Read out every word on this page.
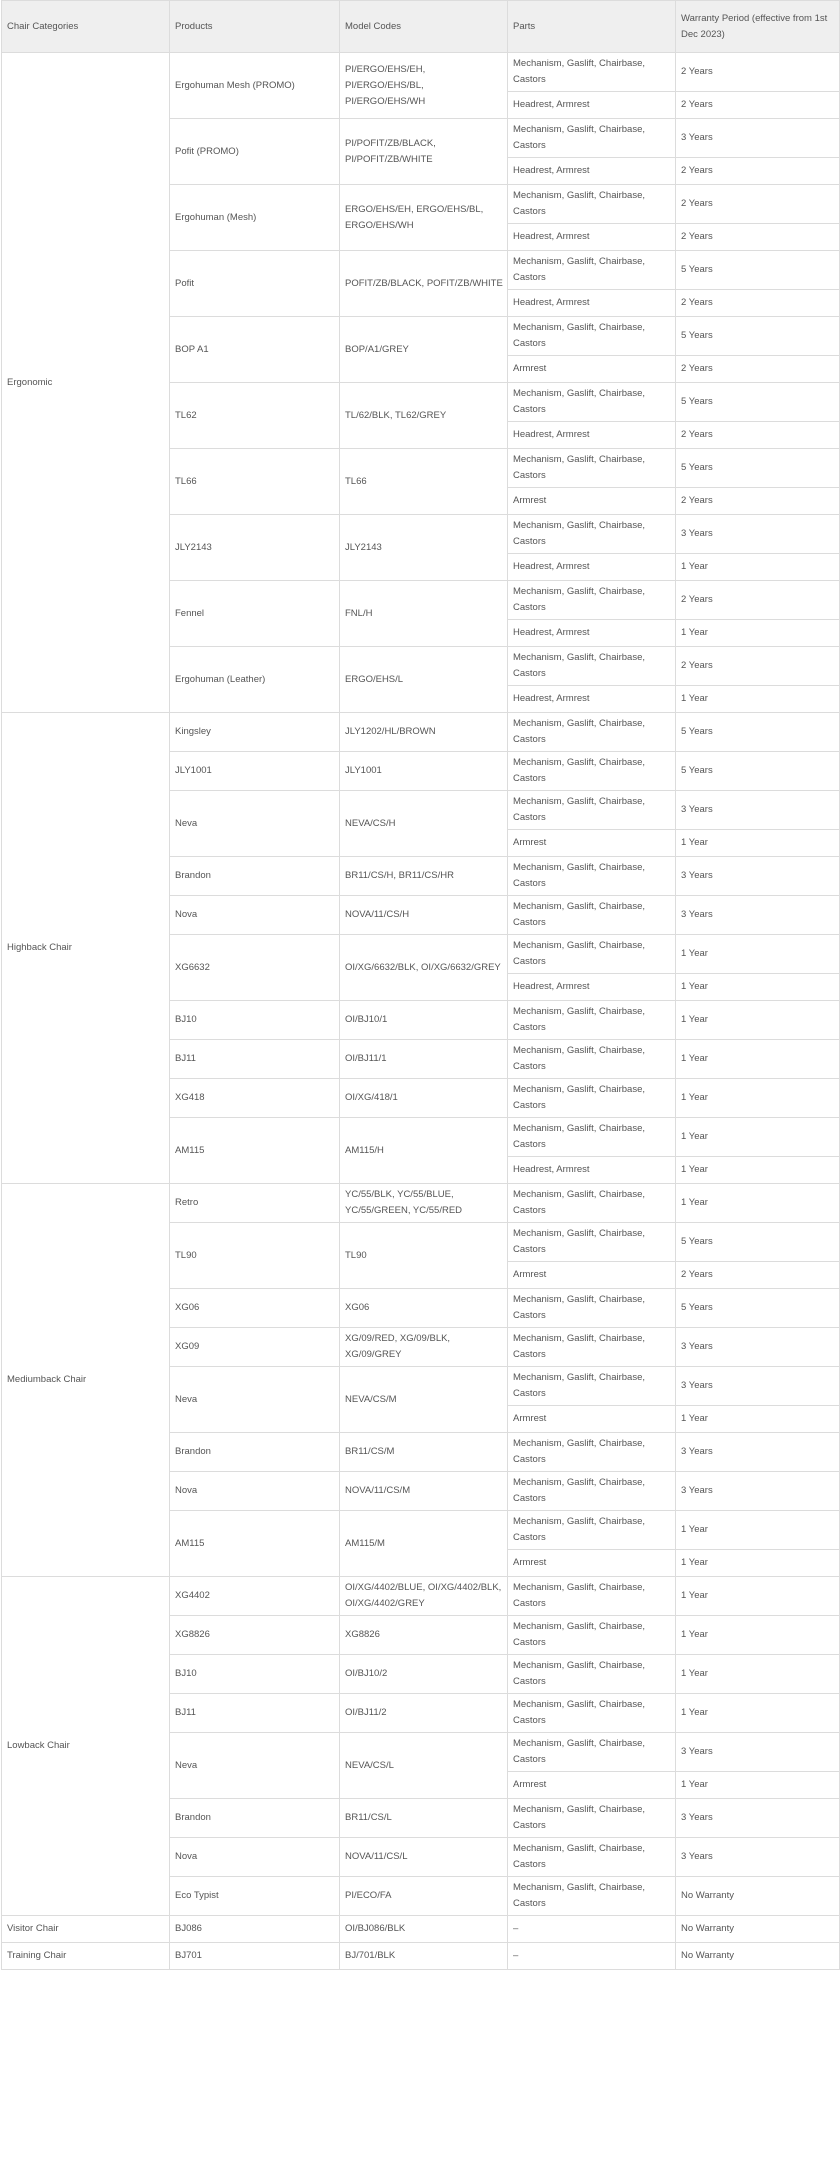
Chair Categories	Products	Model Codes	Parts	Warranty Period (effective from 1st Dec 2023)
Ergonomic	Ergohuman Mesh (PROMO)	PI/ERGO/EHS/EH, PI/ERGO/EHS/BL, PI/ERGO/EHS/WH	Mechanism, Gaslift, Chairbase, Castors	2 Years
			Headrest, Armrest	2 Years
	Pofit (PROMO)	PI/POFIT/ZB/BLACK, PI/POFIT/ZB/WHITE	Mechanism, Gaslift, Chairbase, Castors	3 Years
			Headrest, Armrest	2 Years
	Ergohuman (Mesh)	ERGO/EHS/EH, ERGO/EHS/BL, ERGO/EHS/WH	Mechanism, Gaslift, Chairbase, Castors	2 Years
			Headrest, Armrest	2 Years
	Pofit	POFIT/ZB/BLACK, POFIT/ZB/WHITE	Mechanism, Gaslift, Chairbase, Castors	5 Years
			Headrest, Armrest	2 Years
	BOP A1	BOP/A1/GREY	Mechanism, Gaslift, Chairbase, Castors	5 Years
			Armrest	2 Years
	TL62	TL/62/BLK, TL62/GREY	Mechanism, Gaslift, Chairbase, Castors	5 Years
			Headrest, Armrest	2 Years
	TL66	TL66	Mechanism, Gaslift, Chairbase, Castors	5 Years
			Armrest	2 Years
	JLY2143	JLY2143	Mechanism, Gaslift, Chairbase, Castors	3 Years
			Headrest, Armrest	1 Year
	Fennel	FNL/H	Mechanism, Gaslift, Chairbase, Castors	2 Years
			Headrest, Armrest	1 Year
	Ergohuman (Leather)	ERGO/EHS/L	Mechanism, Gaslift, Chairbase, Castors	2 Years
			Headrest, Armrest	1 Year
Highback Chair	Kingsley	JLY1202/HL/BROWN	Mechanism, Gaslift, Chairbase, Castors	5 Years
	JLY1001	JLY1001	Mechanism, Gaslift, Chairbase, Castors	5 Years
	Neva	NEVA/CS/H	Mechanism, Gaslift, Chairbase, Castors	3 Years
			Armrest	1 Year
	Brandon	BR11/CS/H, BR11/CS/HR	Mechanism, Gaslift, Chairbase, Castors	3 Years
	Nova	NOVA/11/CS/H	Mechanism, Gaslift, Chairbase, Castors	3 Years
	XG6632	OI/XG/6632/BLK, OI/XG/6632/GREY	Mechanism, Gaslift, Chairbase, Castors	1 Year
			Headrest, Armrest	1 Year
	BJ10	OI/BJ10/1	Mechanism, Gaslift, Chairbase, Castors	1 Year
	BJ11	OI/BJ11/1	Mechanism, Gaslift, Chairbase, Castors	1 Year
	XG418	OI/XG/418/1	Mechanism, Gaslift, Chairbase, Castors	1 Year
	AM115	AM115/H	Mechanism, Gaslift, Chairbase, Castors	1 Year
			Headrest, Armrest	1 Year
Mediumback Chair	Retro	YC/55/BLK, YC/55/BLUE, YC/55/GREEN, YC/55/RED	Mechanism, Gaslift, Chairbase, Castors	1 Year
	TL90	TL90	Mechanism, Gaslift, Chairbase, Castors	5 Years
			Armrest	2 Years
	XG06	XG06	Mechanism, Gaslift, Chairbase, Castors	5 Years
	XG09	XG/09/RED, XG/09/BLK, XG/09/GREY	Mechanism, Gaslift, Chairbase, Castors	3 Years
	Neva	NEVA/CS/M	Mechanism, Gaslift, Chairbase, Castors	3 Years
			Armrest	1 Year
	Brandon	BR11/CS/M	Mechanism, Gaslift, Chairbase, Castors	3 Years
	Nova	NOVA/11/CS/M	Mechanism, Gaslift, Chairbase, Castors	3 Years
	AM115	AM115/M	Mechanism, Gaslift, Chairbase, Castors	1 Year
			Armrest	1 Year
Lowback Chair	XG4402	OI/XG/4402/BLUE, OI/XG/4402/BLK, OI/XG/4402/GREY	Mechanism, Gaslift, Chairbase, Castors	1 Year
	XG8826	XG8826	Mechanism, Gaslift, Chairbase, Castors	1 Year
	BJ10	OI/BJ10/2	Mechanism, Gaslift, Chairbase, Castors	1 Year
	BJ11	OI/BJ11/2	Mechanism, Gaslift, Chairbase, Castors	1 Year
	Neva	NEVA/CS/L	Mechanism, Gaslift, Chairbase, Castors	3 Years
			Armrest	1 Year
	Brandon	BR11/CS/L	Mechanism, Gaslift, Chairbase, Castors	3 Years
	Nova	NOVA/11/CS/L	Mechanism, Gaslift, Chairbase, Castors	3 Years
	Eco Typist	PI/ECO/FA	Mechanism, Gaslift, Chairbase, Castors	No Warranty
Visitor Chair	BJ086	OI/BJ086/BLK	–	No Warranty
Training Chair	BJ701	BJ/701/BLK	–	No Warranty
